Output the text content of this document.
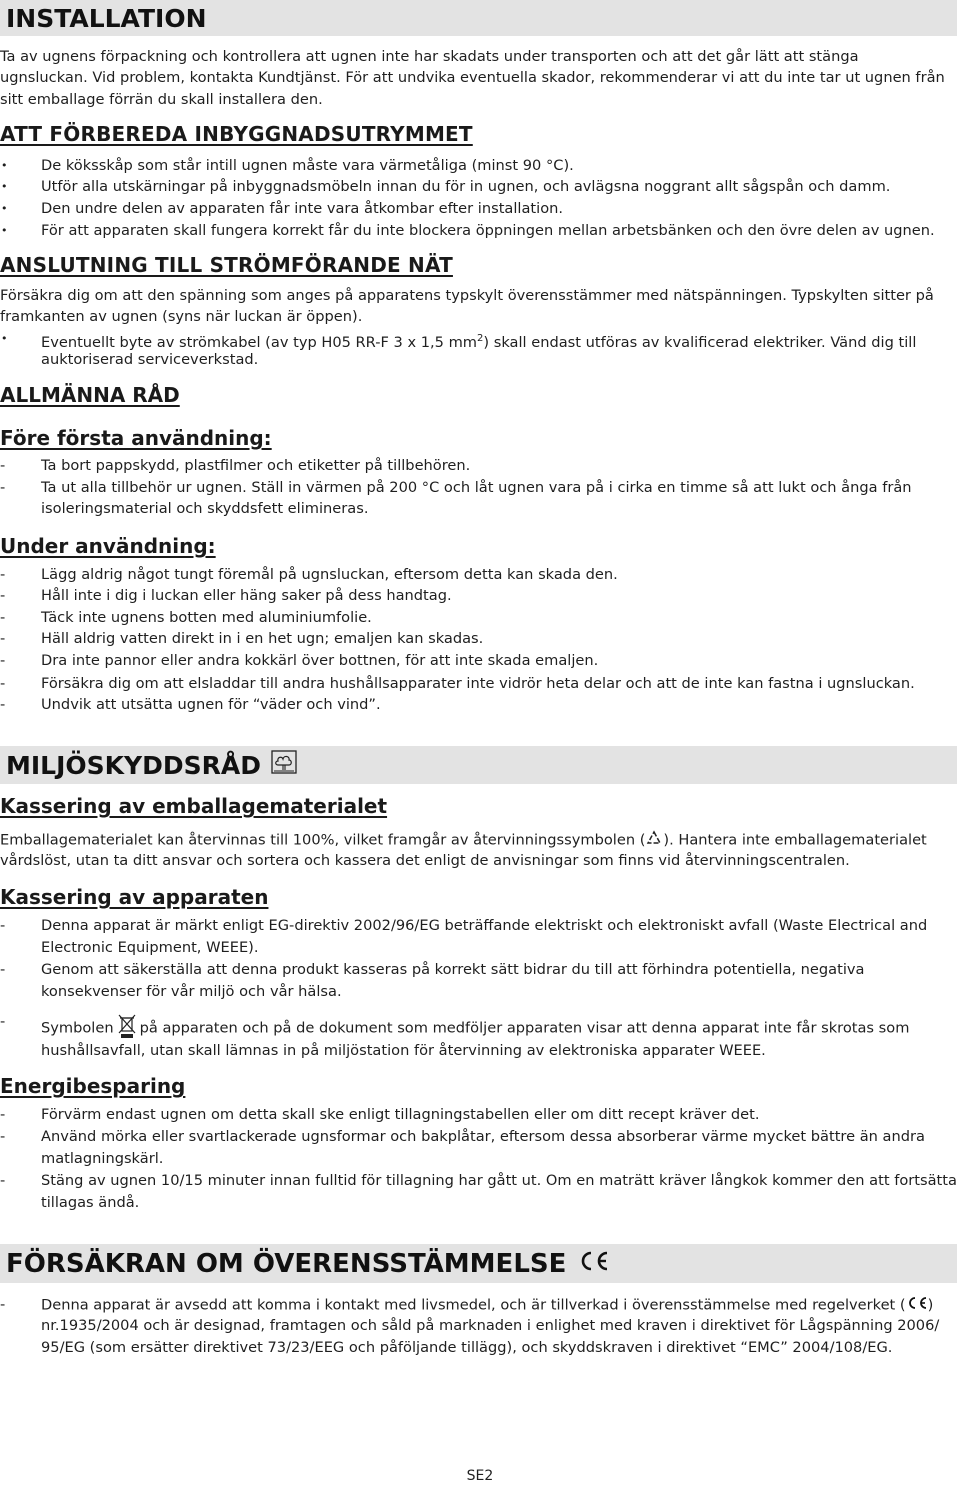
INSTALLATION
Ta av ugnens förpackning och kontrollera att ugnen inte har skadats under transporten och att det går lätt att stänga
ugnsluckan. Vid problem, kontakta Kundtjänst. För att undvika eventuella skador, rekommenderar vi att du inte tar ut ugnen från
sitt emballage förrän du skall installera den.
ATT FÖRBEREDA INBYGGNADSUTRYMMET
• De köksskåp som står intill ugnen måste vara värmetåliga (minst 90 °C).
• Utför alla utskärningar på inbyggnadsmöbeln innan du för in ugnen, och avlägsna noggrant allt sågspån och damm.
• Den undre delen av apparaten får inte vara åtkombar efter installation.
• För att apparaten skall fungera korrekt får du inte blockera öppningen mellan arbetsbänken och den övre delen av ugnen.
ANSLUTNING TILL STRÖMFÖRANDE NÄT
Försäkra dig om att den spänning som anges på apparatens typskylt överensstämmer med nätspänningen. Typskylten sitter på
framkanten av ugnen (syns när luckan är öppen).
• Eventuellt byte av strömkabel (av typ H05 RR-F 3 x 1,5 $mm^2$) skall endast utföras av kvalificerad elektriker. Vänd dig till
auktoriserad serviceverkstad.
ALLMÄNNA RÅD
Före första användning:
- Ta bort pappskydd, plastfilmer och etiketter på tillbehören.
- Ta ut alla tillbehör ur ugnen. Ställ in värmen på 200 °C och låt ugnen vara på i cirka en timme så att lukt och ånga från
isoleringsmaterial och skyddsfett elimineras.
Under användning:
- Lägg aldrig något tungt föremål på ugnsluckan, eftersom detta kan skada den.
- Håll inte i dig i luckan eller häng saker på dess handtag.
- Täck inte ugnens botten med aluminiumfolie.
- Häll aldrig vatten direkt in i en het ugn; emaljen kan skadas.
- Dra inte pannor eller andra kokkärl över bottnen, för att inte skada emaljen.
- Försäkra dig om att elsladdar till andra hushållsapparater inte vidrör heta delar och att de inte kan fastna i ugnsluckan.
- Undvik att utsätta ugnen för “väder och vind”.
MILJÖSKYDDSRÅD
Kassering av emballagematerialet
Emballagematerialet kan återvinnas till 100%, vilket framgår av återvinningssymbolen ( ). Hantera inte emballagematerialet
vårdslöst, utan ta ditt ansvar och sortera och kassera det enligt de anvisningar som finns vid återvinningscentralen.
Kassering av apparaten
- Denna apparat är märkt enligt EG-direktiv 2002/96/EG beträffande elektriskt och elektroniskt avfall (Waste Electrical and
Electronic Equipment, WEEE).
- Genom att säkerställa att denna produkt kasseras på korrekt sätt bidrar du till att förhindra potentiella, negativa
konsekvenser för vår miljö och vår hälsa.
- Symbolen på apparaten och på de dokument som medföljer apparaten visar att denna apparat inte får skrotas som
hushållsavfall, utan skall lämnas in på miljöstation för återvinning av elektroniska apparater WEEE.
Energibesparing
- Förvärm endast ugnen om detta skall ske enligt tillagningstabellen eller om ditt recept kräver det.
- Använd mörka eller svartlackerade ugnsformar och bakplåtar, eftersom dessa absorberar värme mycket bättre än andra
matlagningskärl.
- Stäng av ugnen 10/15 minuter innan fulltid för tillagning har gått ut. Om en maträtt kräver långkok kommer den att fortsätta
tillagas ändå.
FÖRSÄKRAN OM ÖVERENSSTÄMMELSE
- Denna apparat är avsedd att komma i kontakt med livsmedel, och är tillverkad i överensstämmelse med regelverket ( )
nr.1935/2004 och är designad, framtagen och såld på marknaden i enlighet med kraven i direktivet för Lågspänning 2006/
95/EG (som ersätter direktivet 73/23/EEG och påföljande tillägg), och skyddskraven i direktivet “EMC” 2004/108/EG.
SE2
